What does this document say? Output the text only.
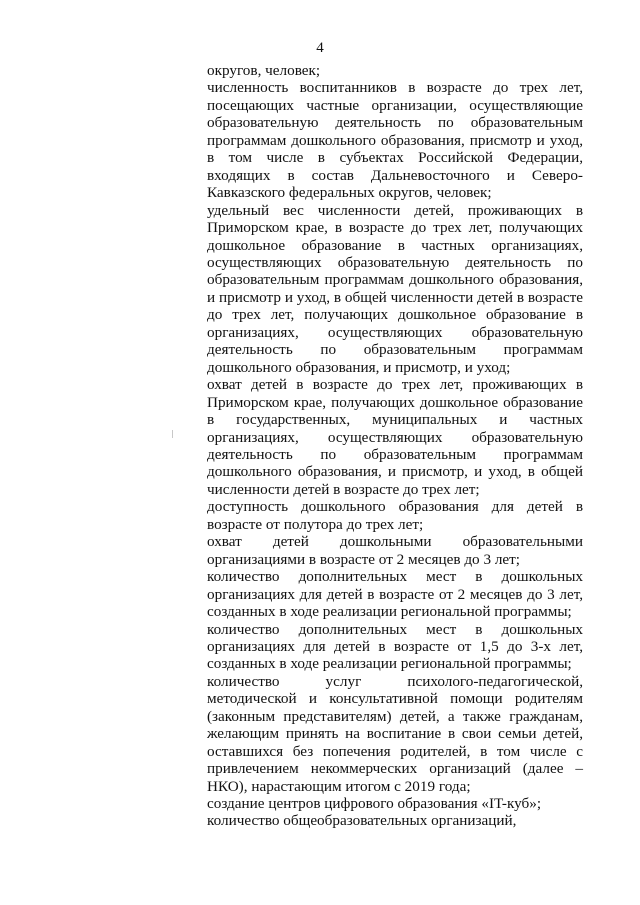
4

округов, человек;

численность воспитанников в возрасте до трех лет, посещающих частные организации, осуществляющие образовательную деятельность по образовательным программам дошкольного образования, присмотр и уход, в том числе в субъектах Российской Федерации, входящих в состав Дальневосточного и Северо-Кавказского федеральных округов, человек;

удельный вес численности детей, проживающих в Приморском крае, в возрасте до трех лет, получающих дошкольное образование в частных организациях, осуществляющих образовательную деятельность по образовательным программам дошкольного образования, и присмотр и уход, в общей численности детей в возрасте до трех лет, получающих дошкольное образование в организациях, осуществляющих образовательную деятельность по образовательным программам дошкольного образования, и присмотр, и уход;

охват детей в возрасте до трех лет, проживающих в Приморском крае, получающих дошкольное образование в государственных, муниципальных и частных организациях, осуществляющих образовательную деятельность по образовательным программам дошкольного образования, и присмотр, и уход, в общей численности детей в возрасте до трех лет;

доступность дошкольного образования для детей в возрасте от полутора до трех лет;

охват детей дошкольными образовательными организациями в возрасте от 2 месяцев до 3 лет;

количество дополнительных мест в дошкольных организациях для детей в возрасте от 2 месяцев до 3 лет, созданных в ходе реализации региональной программы;

количество дополнительных мест в дошкольных организациях для детей в возрасте от 1,5 до 3-х лет, созданных в ходе реализации региональной программы;

количество услуг психолого-педагогической, методической и консультативной помощи родителям (законным представителям) детей, а также гражданам, желающим принять на воспитание в свои семьи детей, оставшихся без попечения родителей, в том числе с привлечением некоммерческих организаций (далее – НКО), нарастающим итогом с 2019 года;

создание центров цифрового образования «IT-куб»;

количество общеобразовательных организаций,
